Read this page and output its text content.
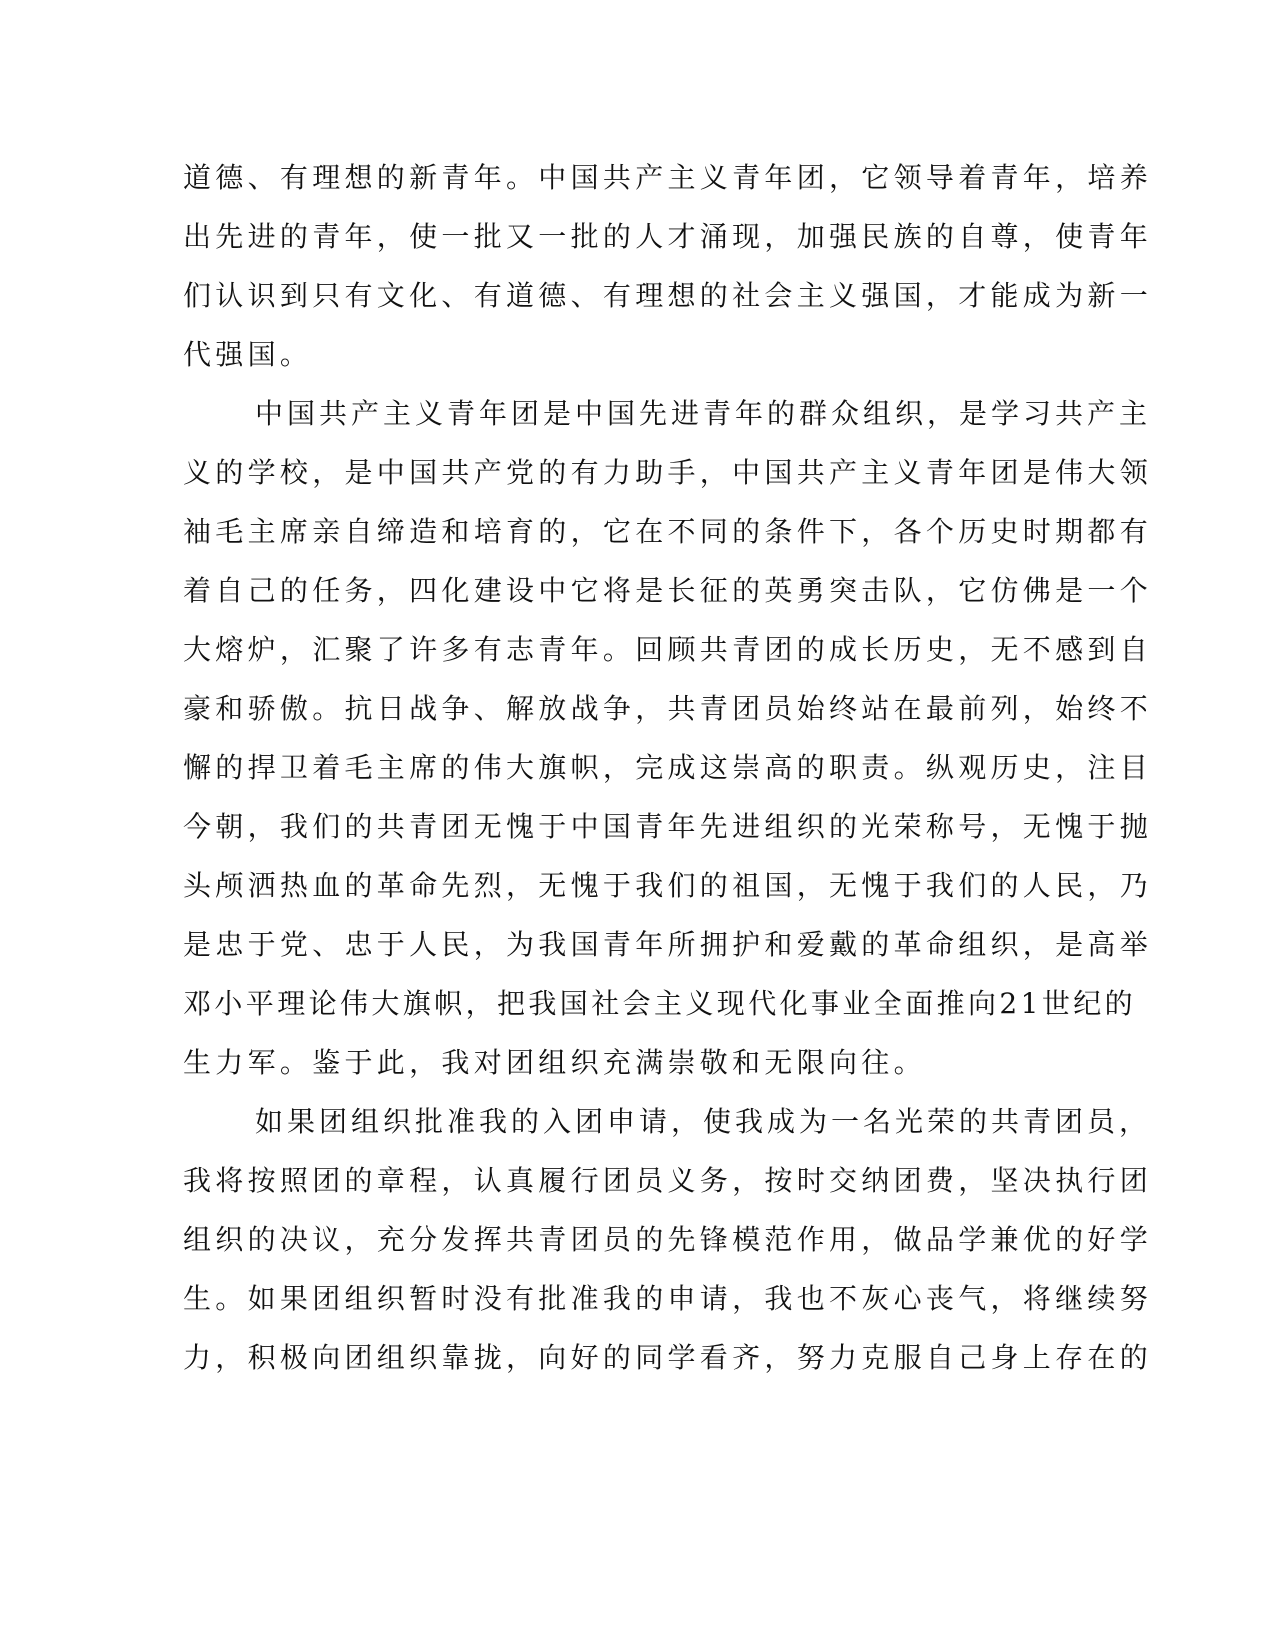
道德、有理想的新青年。中国共产主义青年团，它领导着青年，培养
出先进的青年，使一批又一批的人才涌现，加强民族的自尊，使青年
们认识到只有文化、有道德、有理想的社会主义强国，才能成为新一
代强国。
中国共产主义青年团是中国先进青年的群众组织，是学习共产主
义的学校，是中国共产党的有力助手，中国共产主义青年团是伟大领
袖毛主席亲自缔造和培育的，它在不同的条件下，各个历史时期都有
着自己的任务，四化建设中它将是长征的英勇突击队，它仿佛是一个
大熔炉，汇聚了许多有志青年。回顾共青团的成长历史，无不感到自
豪和骄傲。抗日战争、解放战争，共青团员始终站在最前列，始终不
懈的捍卫着毛主席的伟大旗帜，完成这崇高的职责。纵观历史，注目
今朝，我们的共青团无愧于中国青年先进组织的光荣称号，无愧于抛
头颅洒热血的革命先烈，无愧于我们的祖国，无愧于我们的人民，乃
是忠于党、忠于人民，为我国青年所拥护和爱戴的革命组织，是高举
邓小平理论伟大旗帜，把我国社会主义现代化事业全面推向21世纪的
生力军。鉴于此，我对团组织充满崇敬和无限向往。
如果团组织批准我的入团申请，使我成为一名光荣的共青团员，
我将按照团的章程，认真履行团员义务，按时交纳团费，坚决执行团
组织的决议，充分发挥共青团员的先锋模范作用，做品学兼优的好学
生。如果团组织暂时没有批准我的申请，我也不灰心丧气，将继续努
力，积极向团组织靠拢，向好的同学看齐，努力克服自己身上存在的
